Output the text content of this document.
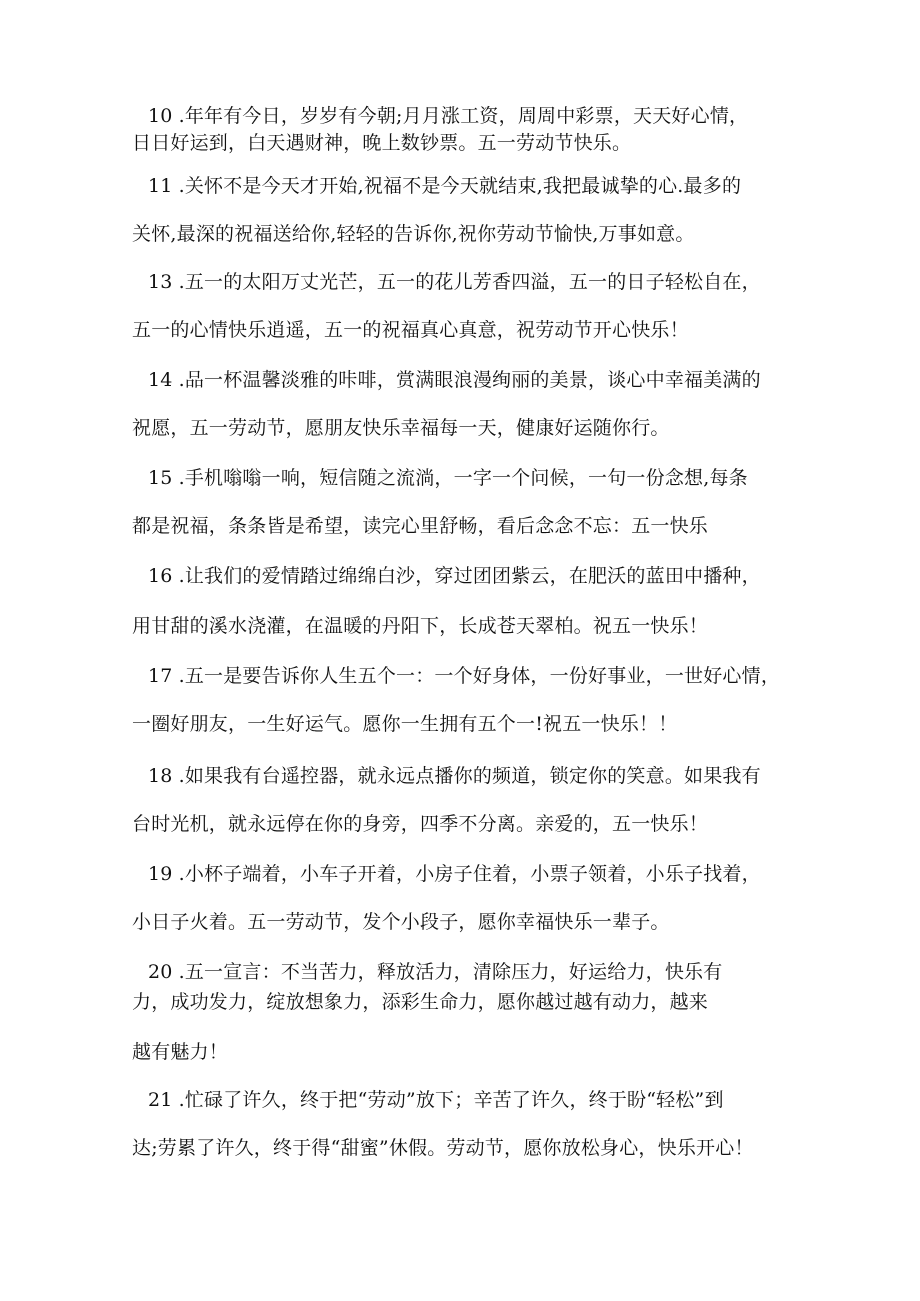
10 .年年有今日，岁岁有今朝;月月涨工资，周周中彩票，天天好心情，
日日好运到，白天遇财神，晚上数钞票。五一劳动节快乐。
11 .关怀不是今天才开始,祝福不是今天就结束,我把最诚挚的心.最多的
关怀,最深的祝福送给你,轻轻的告诉你,祝你劳动节愉快,万事如意。
13 .五一的太阳万丈光芒，五一的花儿芳香四溢，五一的日子轻松自在，
五一的心情快乐逍遥，五一的祝福真心真意，祝劳动节开心快乐！
14 .品一杯温馨淡雅的咔啡，赏满眼浪漫绚丽的美景，谈心中幸福美满的
祝愿，五一劳动节，愿朋友快乐幸福每一天，健康好运随你行。
15 .手机嗡嗡一响，短信随之流淌，一字一个问候，一句一份念想,每条
都是祝福，条条皆是希望，读完心里舒畅，看后念念不忘：五一快乐
16 .让我们的爱情踏过绵绵白沙，穿过团团紫云，在肥沃的蓝田中播种，
用甘甜的溪水浇灌，在温暖的丹阳下，长成苍天翠柏。祝五一快乐！
17 .五一是要告诉你人生五个一：一个好身体，一份好事业，一世好心情，
一圈好朋友，一生好运气。愿你一生拥有五个一!祝五一快乐！！
18 .如果我有台遥控器，就永远点播你的频道，锁定你的笑意。如果我有
台时光机，就永远停在你的身旁，四季不分离。亲爱的，五一快乐！
19 .小杯子端着，小车子开着，小房子住着，小票子领着，小乐子找着，
小日子火着。五一劳动节，发个小段子，愿你幸福快乐一辈子。
20 .五一宣言：不当苦力，释放活力，清除压力，好运给力，快乐有
力，成功发力，绽放想象力，添彩生命力，愿你越过越有动力，越来
越有魅力！
21 .忙碌了许久，终于把“劳动”放下；辛苦了许久，终于盼“轻松”到
达;劳累了许久，终于得“甜蜜”休假。劳动节，愿你放松身心，快乐开心！
